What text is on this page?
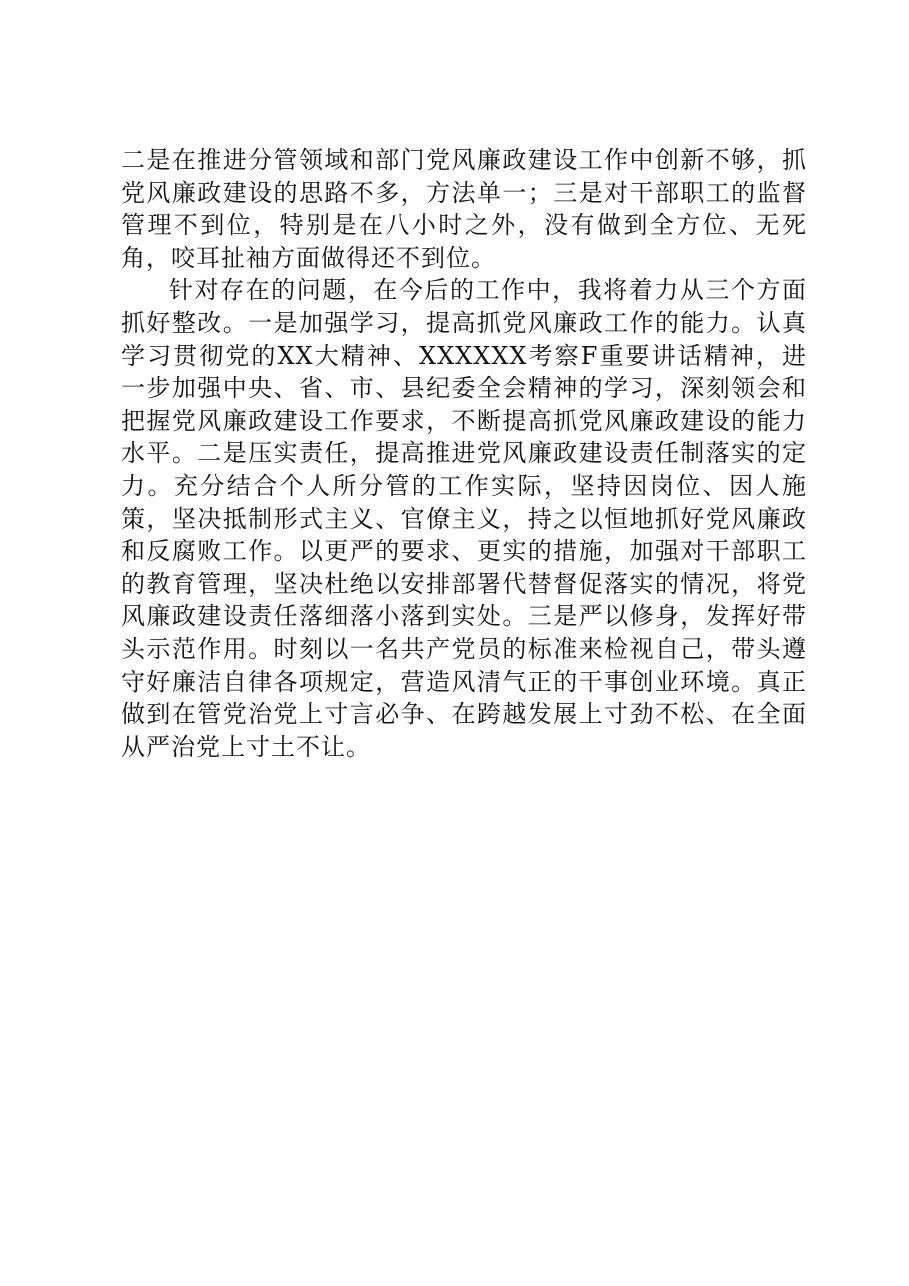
二是在推进分管领域和部门党风廉政建设工作中创新不够，抓党风廉政建设的思路不多，方法单一；三是对干部职工的监督管理不到位，特别是在八小时之外，没有做到全方位、无死角，咬耳扯袖方面做得还不到位。

针对存在的问题，在今后的工作中，我将着力从三个方面抓好整改。一是加强学习，提高抓党风廉政工作的能力。认真学习贯彻党的XX大精神、XXXXXX考察F重要讲话精神，进一步加强中央、省、市、县纪委全会精神的学习，深刻领会和把握党风廉政建设工作要求，不断提高抓党风廉政建设的能力水平。二是压实责任，提高推进党风廉政建设责任制落实的定力。充分结合个人所分管的工作实际，坚持因岗位、因人施策，坚决抵制形式主义、官僚主义，持之以恒地抓好党风廉政和反腐败工作。以更严的要求、更实的措施，加强对干部职工的教育管理，坚决杜绝以安排部署代替督促落实的情况，将党风廉政建设责任落细落小落到实处。三是严以修身，发挥好带头示范作用。时刻以一名共产党员的标准来检视自己，带头遵守好廉洁自律各项规定，营造风清气正的干事创业环境。真正做到在管党治党上寸言必争、在跨越发展上寸劲不松、在全面从严治党上寸土不让。
